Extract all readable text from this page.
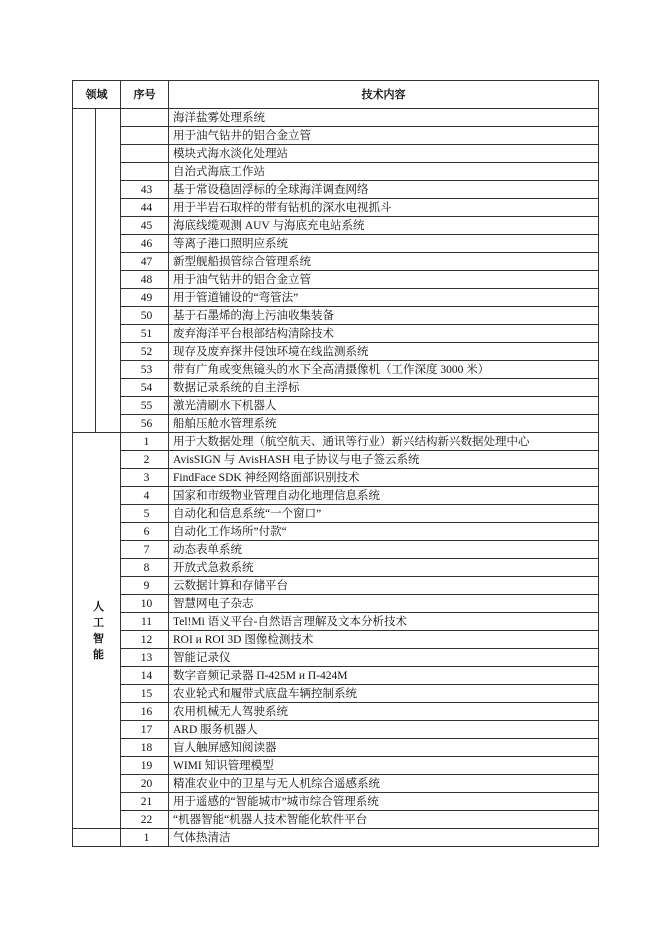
领域	序号	技术内容

		海洋盐雾处理系统
		用于油气钻井的铝合金立管
		模块式海水淡化处理站
		自治式海底工作站
	43	基于常设稳固浮标的全球海洋调查网络
	44	用于半岩石取样的带有钻机的深水电视抓斗
	45	海底线缆观测 AUV 与海底充电站系统
	46	等离子港口照明应系统
	47	新型舰船损管综合管理系统
	48	用于油气钻井的铝合金立管
	49	用于管道铺设的“弯管法”
	50	基于石墨烯的海上污油收集装备
	51	废弃海洋平台根部结构清除技术
	52	现存及废弃探井侵蚀环境在线监测系统
	53	带有广角或变焦镜头的水下全高清摄像机（工作深度 3000 米）
	54	数据记录系统的自主浮标
	55	激光清刷水下机器人
	56	船舶压舱水管理系统

人
工
智
能	1	用于大数据处理（航空航天、通讯等行业）新兴结构新兴数据处理中心
	2	AvisSIGN 与 AvisHASH 电子协议与电子签云系统
	3	FindFace SDK 神经网络面部识别技术
	4	国家和市级物业管理自动化地理信息系统
	5	自动化和信息系统“一个窗口”
	6	自动化工作场所”付款“
	7	动态表单系统
	8	开放式急救系统
	9	云数据计算和存储平台
	10	智慧网电子杂志
	11	Tel!Mi 语义平台-自然语言理解及文本分析技术
	12	ROI и ROI 3D 图像检测技术
	13	智能记录仪
	14	数字音频记录器 П-425M и П-424M
	15	农业轮式和履带式底盘车辆控制系统
	16	农用机械无人驾驶系统
	17	ARD 服务机器人
	18	盲人触屏感知阅读器
	19	WIMI 知识管理模型
	20	精准农业中的卫星与无人机综合遥感系统
	21	用于遥感的“智能城市”城市综合管理系统
	22	“机器智能“机器人技术智能化软件平台
	1	气体热清洁
